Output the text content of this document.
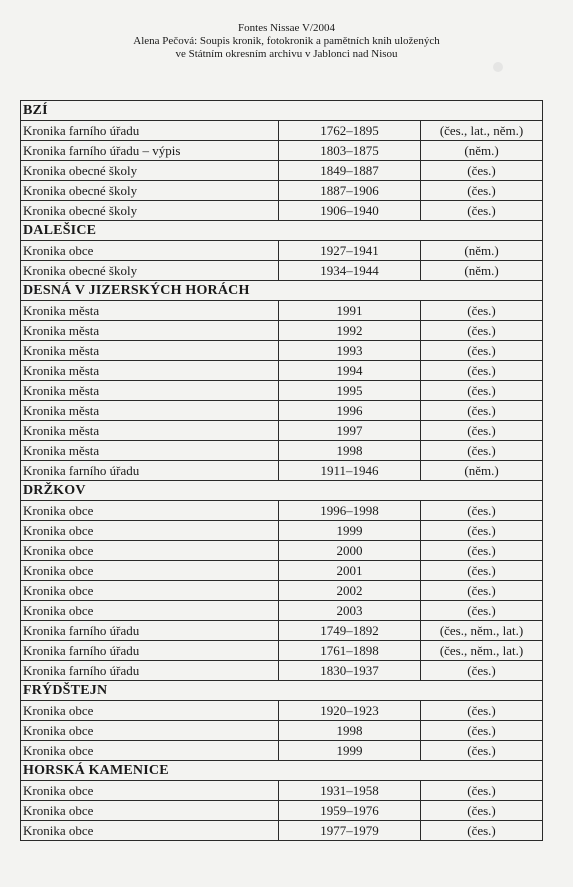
Fontes Nissae V/2004
Alena Pečová: Soupis kronik, fotokronik a pamětních knih uložených
ve Státním okresním archivu v Jablonci nad Nisou
BZÍ		
Kronika farního úřadu	1762–1895	(čes., lat., něm.)
Kronika farního úřadu – výpis	1803–1875	(něm.)
Kronika obecné školy	1849–1887	(čes.)
Kronika obecné školy	1887–1906	(čes.)
Kronika obecné školy	1906–1940	(čes.)
DALEŠICE		
Kronika obce	1927–1941	(něm.)
Kronika obecné školy	1934–1944	(něm.)
DESNÁ V JIZERSKÝCH HORÁCH		
Kronika města	1991	(čes.)
Kronika města	1992	(čes.)
Kronika města	1993	(čes.)
Kronika města	1994	(čes.)
Kronika města	1995	(čes.)
Kronika města	1996	(čes.)
Kronika města	1997	(čes.)
Kronika města	1998	(čes.)
Kronika farního úřadu	1911–1946	(něm.)
DRŽKOV		
Kronika obce	1996–1998	(čes.)
Kronika obce	1999	(čes.)
Kronika obce	2000	(čes.)
Kronika obce	2001	(čes.)
Kronika obce	2002	(čes.)
Kronika obce	2003	(čes.)
Kronika farního úřadu	1749–1892	(čes., něm., lat.)
Kronika farního úřadu	1761–1898	(čes., něm., lat.)
Kronika farního úřadu	1830–1937	(čes.)
FRÝDŠTEJN		
Kronika obce	1920–1923	(čes.)
Kronika obce	1998	(čes.)
Kronika obce	1999	(čes.)
HORSKÁ KAMENICE		
Kronika obce	1931–1958	(čes.)
Kronika obce	1959–1976	(čes.)
Kronika obce	1977–1979	(čes.)
